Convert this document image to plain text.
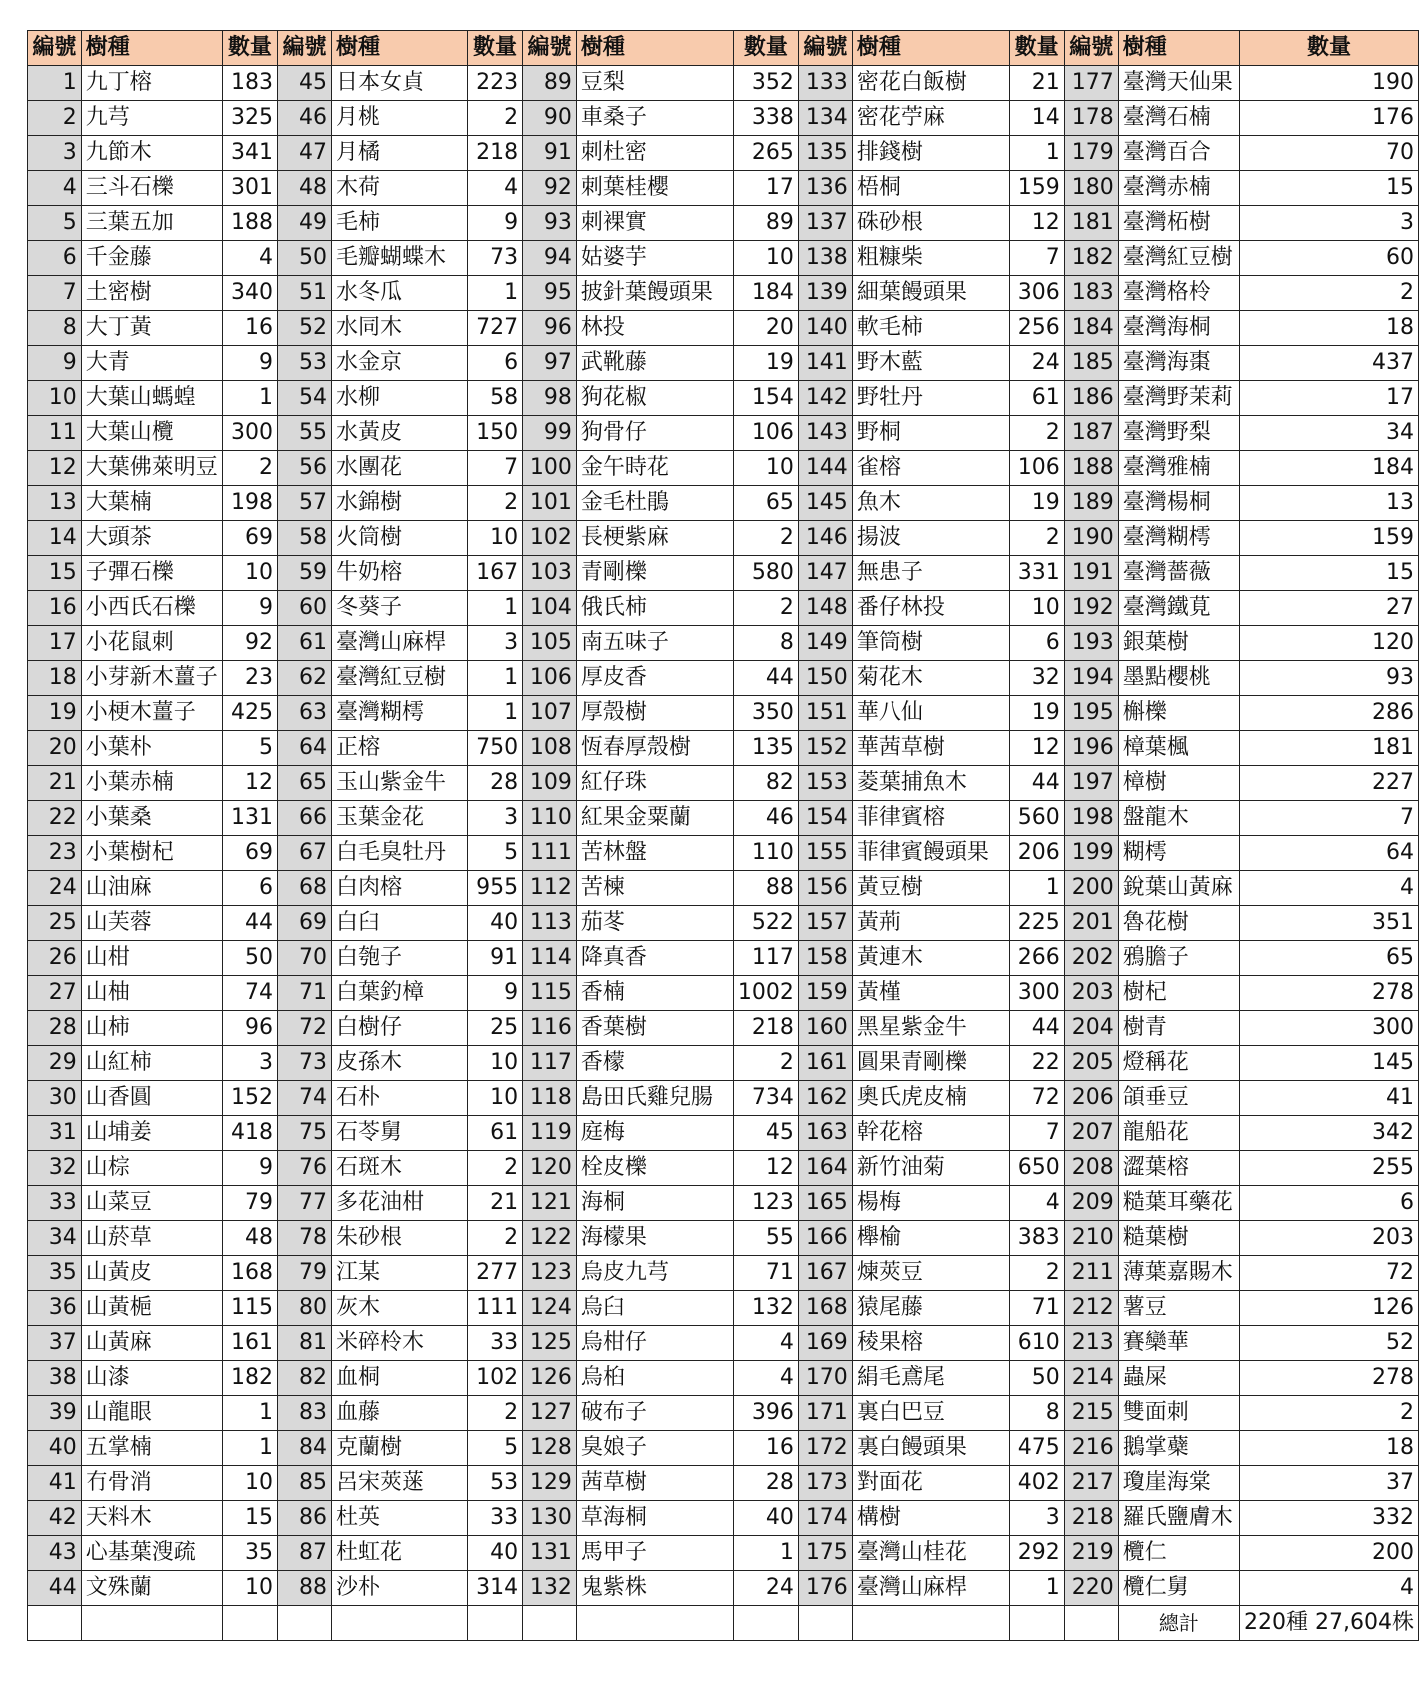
編號	樹種	數量	編號	樹種	數量	編號	樹種	數量	編號	樹種	數量	編號	樹種	數量
1	九丁榕	183	45	日本女貞	223	89	豆梨	352	133	密花白飯樹	21	177	臺灣天仙果	190
2	九芎	325	46	月桃	2	90	車桑子	338	134	密花苧麻	14	178	臺灣石楠	176
3	九節木	341	47	月橘	218	91	刺杜密	265	135	排錢樹	1	179	臺灣百合	70
4	三斗石櫟	301	48	木荷	4	92	刺葉桂櫻	17	136	梧桐	159	180	臺灣赤楠	15
5	三葉五加	188	49	毛柿	9	93	刺裸實	89	137	硃砂根	12	181	臺灣柘樹	3
6	千金藤	4	50	毛瓣蝴蝶木	73	94	姑婆芋	10	138	粗糠柴	7	182	臺灣紅豆樹	60
7	土密樹	340	51	水冬瓜	1	95	披針葉饅頭果	184	139	細葉饅頭果	306	183	臺灣格柃	2
8	大丁黃	16	52	水同木	727	96	林投	20	140	軟毛柿	256	184	臺灣海桐	18
9	大青	9	53	水金京	6	97	武靴藤	19	141	野木藍	24	185	臺灣海棗	437
10	大葉山螞蝗	1	54	水柳	58	98	狗花椒	154	142	野牡丹	61	186	臺灣野茉莉	17
11	大葉山欖	300	55	水黃皮	150	99	狗骨仔	106	143	野桐	2	187	臺灣野梨	34
12	大葉佛萊明豆	2	56	水團花	7	100	金午時花	10	144	雀榕	106	188	臺灣雅楠	184
13	大葉楠	198	57	水錦樹	2	101	金毛杜鵑	65	145	魚木	19	189	臺灣楊桐	13
14	大頭茶	69	58	火筒樹	10	102	長梗紫麻	2	146	揚波	2	190	臺灣糊樗	159
15	子彈石櫟	10	59	牛奶榕	167	103	青剛櫟	580	147	無患子	331	191	臺灣薔薇	15
16	小西氏石櫟	9	60	冬葵子	1	104	俄氏柿	2	148	番仔林投	10	192	臺灣鐵莧	27
17	小花鼠刺	92	61	臺灣山麻桿	3	105	南五味子	8	149	筆筒樹	6	193	銀葉樹	120
18	小芽新木薑子	23	62	臺灣紅豆樹	1	106	厚皮香	44	150	菊花木	32	194	墨點櫻桃	93
19	小梗木薑子	425	63	臺灣糊樗	1	107	厚殼樹	350	151	華八仙	19	195	槲櫟	286
20	小葉朴	5	64	正榕	750	108	恆春厚殼樹	135	152	華茜草樹	12	196	樟葉楓	181
21	小葉赤楠	12	65	玉山紫金牛	28	109	紅仔珠	82	153	菱葉捕魚木	44	197	樟樹	227
22	小葉桑	131	66	玉葉金花	3	110	紅果金粟蘭	46	154	菲律賓榕	560	198	盤龍木	7
23	小葉樹杞	69	67	白毛臭牡丹	5	111	苦林盤	110	155	菲律賓饅頭果	206	199	糊樗	64
24	山油麻	6	68	白肉榕	955	112	苦楝	88	156	黃豆樹	1	200	銳葉山黃麻	4
25	山芙蓉	44	69	白臼	40	113	茄苳	522	157	黃荊	225	201	魯花樹	351
26	山柑	50	70	白匏子	91	114	降真香	117	158	黃連木	266	202	鴉膽子	65
27	山柚	74	71	白葉釣樟	9	115	香楠	1002	159	黃槿	300	203	樹杞	278
28	山柿	96	72	白樹仔	25	116	香葉樹	218	160	黑星紫金牛	44	204	樹青	300
29	山紅柿	3	73	皮孫木	10	117	香檬	2	161	圓果青剛櫟	22	205	燈稱花	145
30	山香圓	152	74	石朴	10	118	島田氏雞兒腸	734	162	奧氏虎皮楠	72	206	頜垂豆	41
31	山埔姜	418	75	石苓舅	61	119	庭梅	45	163	幹花榕	7	207	龍船花	342
32	山棕	9	76	石斑木	2	120	栓皮櫟	12	164	新竹油菊	650	208	澀葉榕	255
33	山菜豆	79	77	多花油柑	21	121	海桐	123	165	楊梅	4	209	糙葉耳藥花	6
34	山菸草	48	78	朱砂根	2	122	海檬果	55	166	櫸榆	383	210	糙葉樹	203
35	山黃皮	168	79	江某	277	123	烏皮九芎	71	167	煉莢豆	2	211	薄葉嘉賜木	72
36	山黃梔	115	80	灰木	111	124	烏臼	132	168	猿尾藤	71	212	薯豆	126
37	山黃麻	161	81	米碎柃木	33	125	烏柑仔	4	169	稜果榕	610	213	賽欒華	52
38	山漆	182	82	血桐	102	126	烏桕	4	170	絹毛鳶尾	50	214	蟲屎	278
39	山龍眼	1	83	血藤	2	127	破布子	396	171	裏白巴豆	8	215	雙面刺	2
40	五掌楠	1	84	克蘭樹	5	128	臭娘子	16	172	裏白饅頭果	475	216	鵝掌蘗	18
41	冇骨消	10	85	呂宋莢蒾	53	129	茜草樹	28	173	對面花	402	217	瓊崖海棠	37
42	天料木	15	86	杜英	33	130	草海桐	40	174	構樹	3	218	羅氏鹽膚木	332
43	心基葉溲疏	35	87	杜虹花	40	131	馬甲子	1	175	臺灣山桂花	292	219	欖仁	200
44	文殊蘭	10	88	沙朴	314	132	鬼紫株	24	176	臺灣山麻桿	1	220	欖仁舅	4
													總計	220種 27,604株
